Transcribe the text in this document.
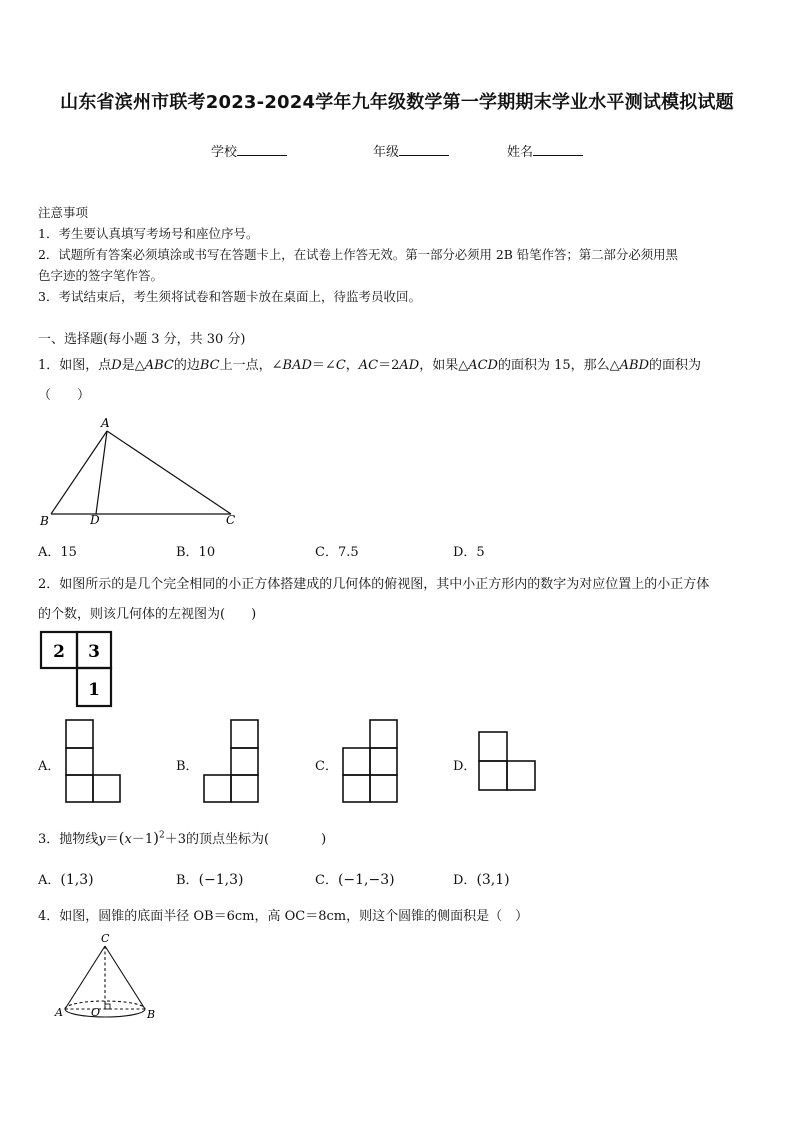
山东省滨州市联考2023-2024学年九年级数学第一学期期末学业水平测试模拟试题
学校	年级	姓名
注意事项
1．考生要认真填写考场号和座位序号。
2．试题所有答案必须填涂或书写在答题卡上，在试卷上作答无效。第一部分必须用 2B 铅笔作答；第二部分必须用黑
色字迹的签字笔作答。
3．考试结束后，考生须将试卷和答题卡放在桌面上，待监考员收回。
一、选择题(每小题 3 分，共 30 分)
1．如图，点D是△ABC的边BC上一点，∠BAD＝∠C，AC＝2AD，如果△ACD的面积为 15，那么△ABD的面积为
（　　）
A
B	D	C
A．15	B．10	C．7.5	D．5
2．如图所示的是几个完全相同的小正方体搭建成的几何体的俯视图，其中小正方形内的数字为对应位置上的小正方体
的个数，则该几何体的左视图为(　　)
2 3
1
A．	B．	C．	D．
3．抛物线$y=(x-1)^2+3$的顶点坐标为(　　　　)
A．(1,3)	B．(−1,3)	C．(−1,−3)	D．(3,1)
4．如图，圆锥的底面半径 OB＝6cm，高 OC＝8cm，则这个圆锥的侧面积是（　）
C
A	O	B
